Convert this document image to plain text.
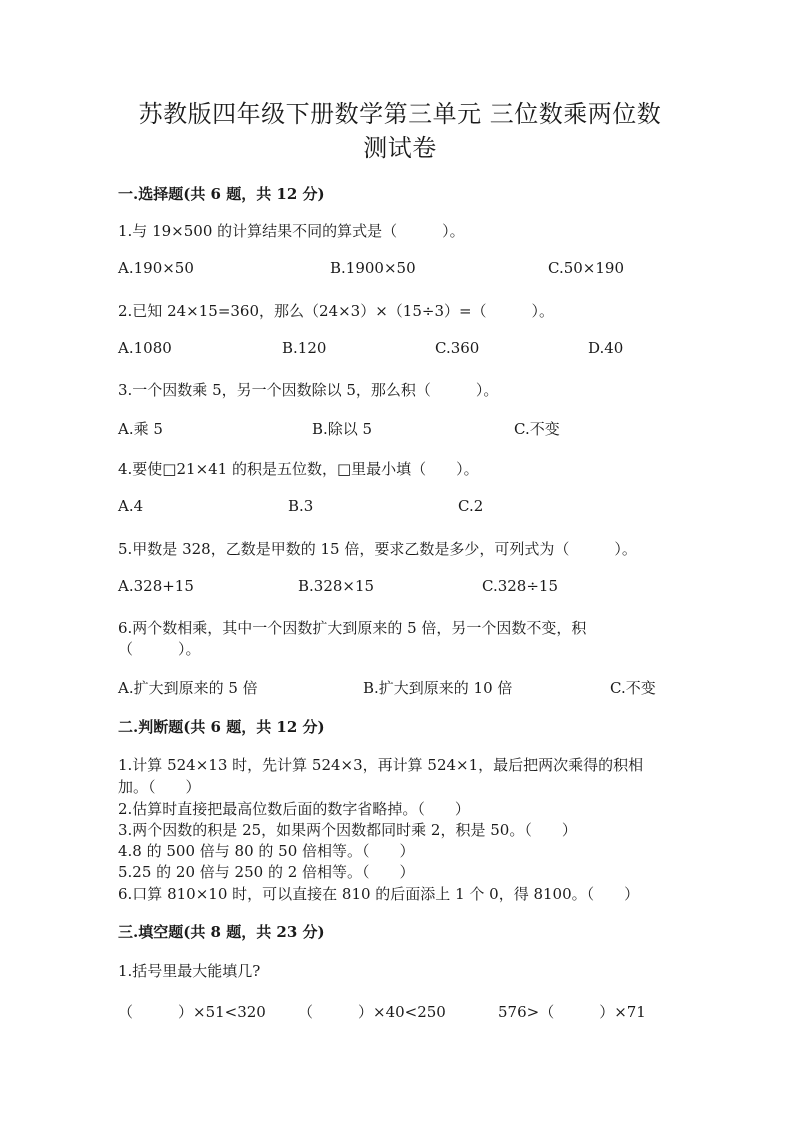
苏教版四年级下册数学第三单元 三位数乘两位数
测试卷
一.选择题(共 6 题，共 12 分)
1.与 19×500 的计算结果不同的算式是（　　　）。
A.190×50	B.1900×50	C.50×190
2.已知 24×15=360，那么（24×3）×（15÷3）=（　　　）。
A.1080	B.120	C.360	D.40
3.一个因数乘 5，另一个因数除以 5，那么积（　　　）。
A.乘 5	B.除以 5	C.不变
4.要使□21×41 的积是五位数，□里最小填（　　）。
A.4	B.3	C.2
5.甲数是 328，乙数是甲数的 15 倍，要求乙数是多少，可列式为（　　　）。
A.328+15	B.328×15	C.328÷15
6.两个数相乘，其中一个因数扩大到原来的 5 倍，另一个因数不变，积
（　　　）。
A.扩大到原来的 5 倍	B.扩大到原来的 10 倍	C.不变
二.判断题(共 6 题，共 12 分)
1.计算 524×13 时，先计算 524×3，再计算 524×1，最后把两次乘得的积相
加。（　　）
2.估算时直接把最高位数后面的数字省略掉。（　　）
3.两个因数的积是 25，如果两个因数都同时乘 2，积是 50。（　　）
4.8 的 500 倍与 80 的 50 倍相等。（　　）
5.25 的 20 倍与 250 的 2 倍相等。（　　）
6.口算 810×10 时，可以直接在 810 的后面添上 1 个 0，得 8100。（　　）
三.填空题(共 8 题，共 23 分)
1.括号里最大能填几?
（　　　）×51<320 （　　　）×40<250	576>（　　　）×71
